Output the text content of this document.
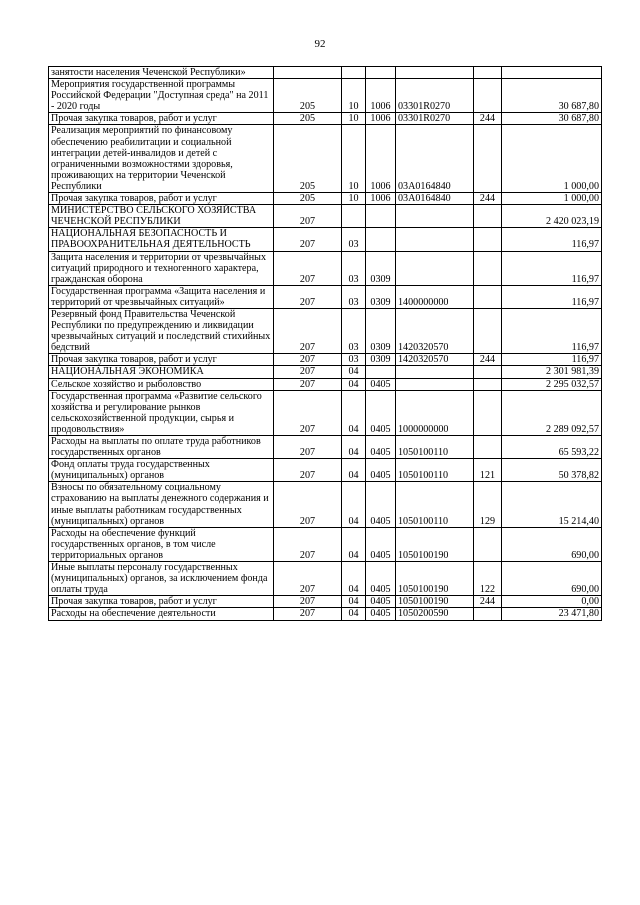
92
занятости населения Чеченской Республики»						
Мероприятия государственной программы Российской Федерации "Доступная среда" на 2011 - 2020 годы	205	10	1006	03301R0270		30 687,80
Прочая закупка товаров, работ и услуг	205	10	1006	03301R0270	244	30 687,80
Реализация мероприятий по финансовому обеспечению реабилитации и социальной интеграции детей-инвалидов и детей с ограниченными возможностями здоровья, проживающих на территории Чеченской Республики	205	10	1006	03А0164840		1 000,00
Прочая закупка товаров, работ и услуг	205	10	1006	03А0164840	244	1 000,00
МИНИСТЕРСТВО СЕЛЬСКОГО ХОЗЯЙСТВА ЧЕЧЕНСКОЙ РЕСПУБЛИКИ	207					2 420 023,19
НАЦИОНАЛЬНАЯ БЕЗОПАСНОСТЬ И ПРАВООХРАНИТЕЛЬНАЯ ДЕЯТЕЛЬНОСТЬ	207	03				116,97
Защита населения и территории от чрезвычайных ситуаций природного и техногенного характера, гражданская оборона	207	03	0309			116,97
Государственная программа «Защита населения и территорий от чрезвычайных ситуаций»	207	03	0309	1400000000		116,97
Резервный фонд Правительства Чеченской Республики по предупреждению и ликвидации чрезвычайных ситуаций и последствий стихийных бедствий	207	03	0309	1420320570		116,97
Прочая закупка товаров, работ и услуг	207	03	0309	1420320570	244	116,97
НАЦИОНАЛЬНАЯ ЭКОНОМИКА	207	04				2 301 981,39
Сельское хозяйство и рыболовство	207	04	0405			2 295 032,57
Государственная программа «Развитие сельского хозяйства и регулирование рынков сельскохозяйственной продукции, сырья и продовольствия»	207	04	0405	1000000000		2 289 092,57
Расходы на выплаты по оплате труда работников государственных органов	207	04	0405	1050100110		65 593,22
Фонд оплаты труда государственных (муниципальных) органов	207	04	0405	1050100110	121	50 378,82
Взносы по обязательному социальному страхованию на выплаты денежного содержания и иные выплаты работникам государственных (муниципальных) органов	207	04	0405	1050100110	129	15 214,40
Расходы на обеспечение функций государственных органов, в том числе территориальных органов	207	04	0405	1050100190		690,00
Иные выплаты персоналу государственных (муниципальных) органов, за исключением фонда оплаты труда	207	04	0405	1050100190	122	690,00
Прочая закупка товаров, работ и услуг	207	04	0405	1050100190	244	0,00
Расходы на обеспечение деятельности	207	04	0405	1050200590		23 471,80
